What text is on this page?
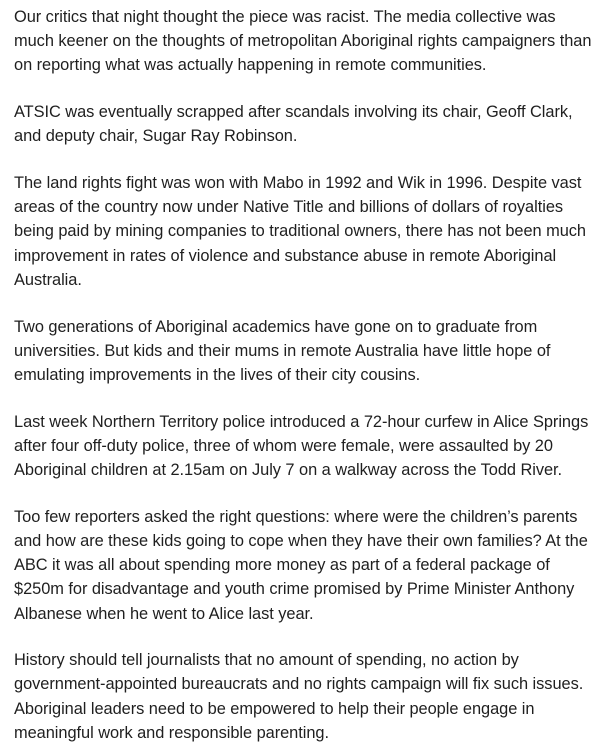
Our critics that night thought the piece was racist. The media collective was much keener on the thoughts of metropolitan Aboriginal rights campaigners than on reporting what was actually happening in remote communities.

ATSIC was eventually scrapped after scandals involving its chair, Geoff Clark, and deputy chair, Sugar Ray Robinson.

The land rights fight was won with Mabo in 1992 and Wik in 1996. Despite vast areas of the country now under Native Title and billions of dollars of royalties being paid by mining companies to traditional owners, there has not been much improvement in rates of violence and substance abuse in remote Aboriginal Australia.

Two generations of Aboriginal academics have gone on to graduate from universities. But kids and their mums in remote Australia have little hope of emulating improvements in the lives of their city cousins.

Last week Northern Territory police introduced a 72-hour curfew in Alice Springs after four off-duty police, three of whom were female, were assaulted by 20 Aboriginal children at 2.15am on July 7 on a walkway across the Todd River.

Too few reporters asked the right questions: where were the children’s parents and how are these kids going to cope when they have their own families? At the ABC it was all about spending more money as part of a federal package of $250m for disadvantage and youth crime promised by Prime Minister Anthony Albanese when he went to Alice last year.

History should tell journalists that no amount of spending, no action by government-appointed bureaucrats and no rights campaign will fix such issues. Aboriginal leaders need to be empowered to help their people engage in meaningful work and responsible parenting.
